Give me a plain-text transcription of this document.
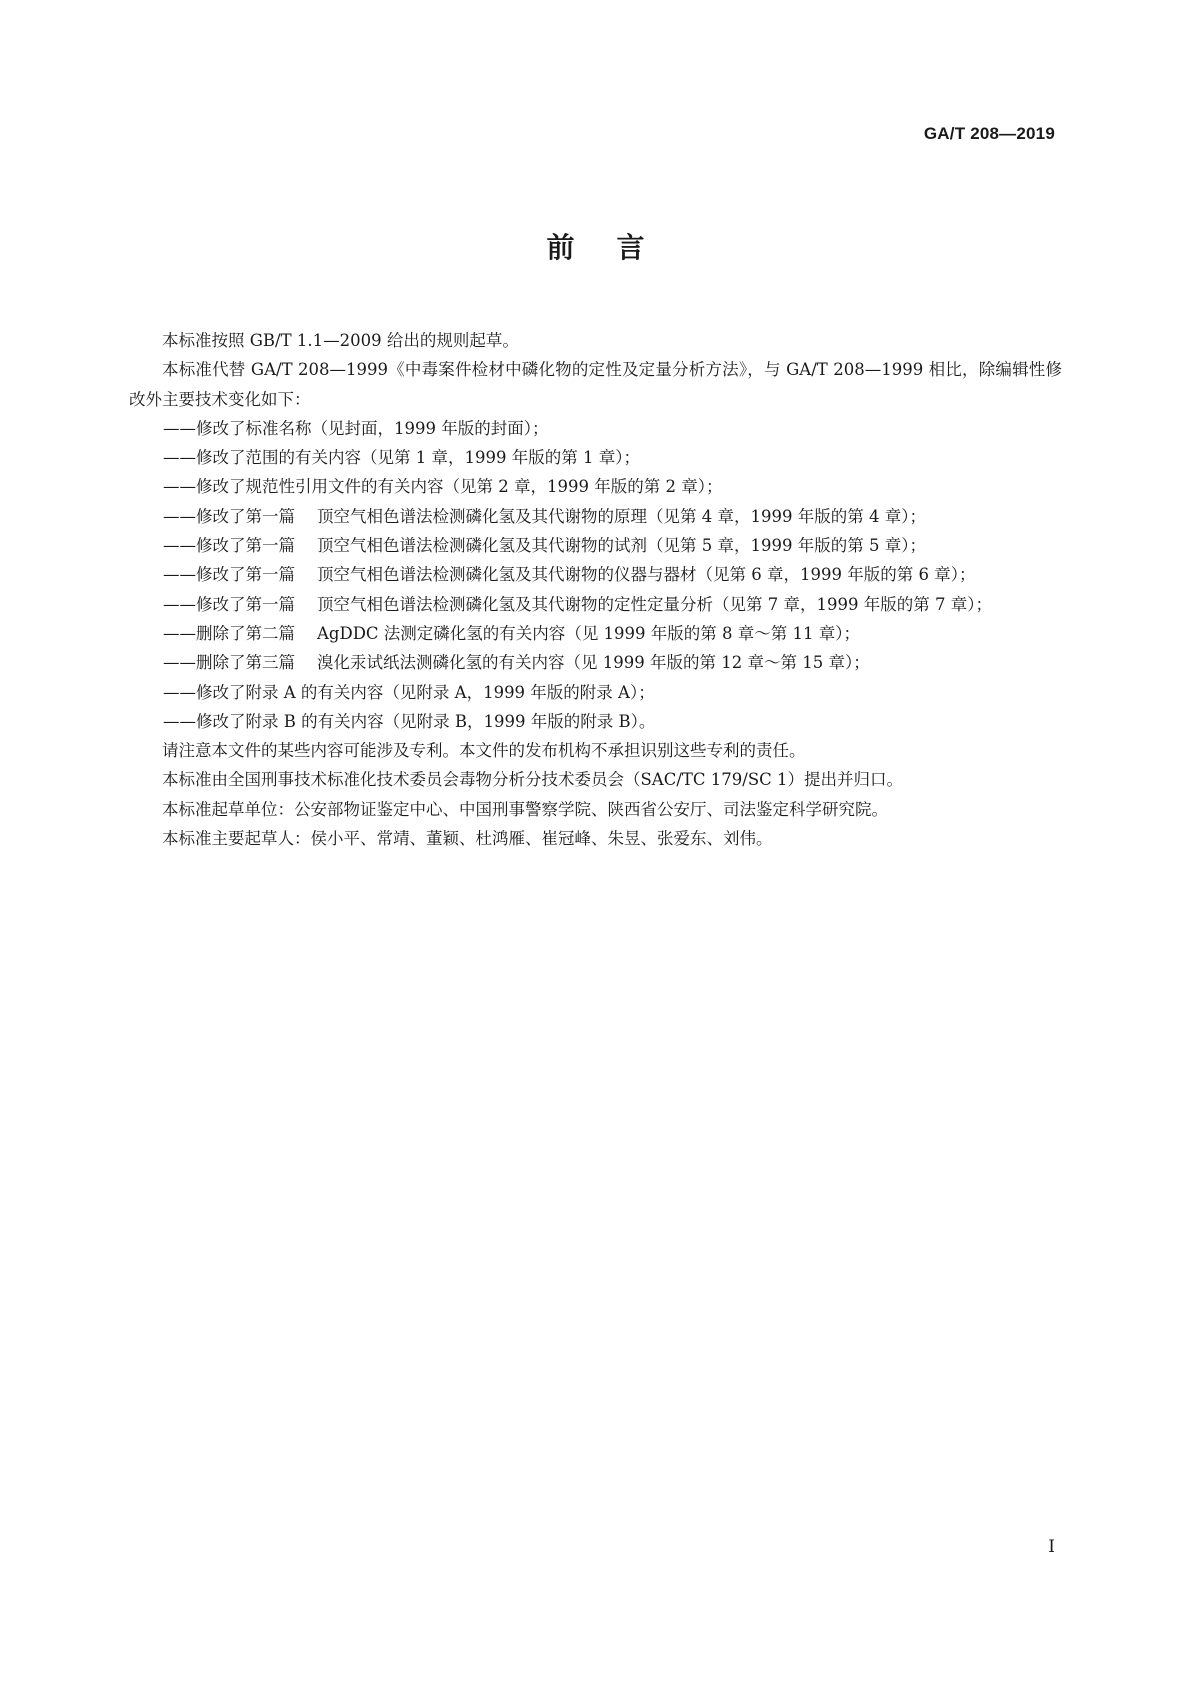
GA/T 208—2019
前言

本标准按照 GB/T 1.1—2009 给出的规则起草。

本标准代替 GA/T 208—1999《中毒案件检材中磷化物的定性及定量分析方法》，与 GA/T 208—1999 相比，除编辑性修改外主要技术变化如下：

——修改了标准名称（见封面，1999 年版的封面）；

——修改了范围的有关内容（见第 1 章，1999 年版的第 1 章）；

——修改了规范性引用文件的有关内容（见第 2 章，1999 年版的第 2 章）；

——修改了第一篇 顶空气相色谱法检测磷化氢及其代谢物的原理（见第 4 章，1999 年版的第 4 章）；

——修改了第一篇 顶空气相色谱法检测磷化氢及其代谢物的试剂（见第 5 章，1999 年版的第 5 章）；

——修改了第一篇 顶空气相色谱法检测磷化氢及其代谢物的仪器与器材（见第 6 章，1999 年版的第 6 章）；

——修改了第一篇 顶空气相色谱法检测磷化氢及其代谢物的定性定量分析（见第 7 章，1999 年版的第 7 章）；

——删除了第二篇 AgDDC 法测定磷化氢的有关内容（见 1999 年版的第 8 章～第 11 章）；

——删除了第三篇 溴化汞试纸法测磷化氢的有关内容（见 1999 年版的第 12 章～第 15 章）；

——修改了附录 A 的有关内容（见附录 A，1999 年版的附录 A）；

——修改了附录 B 的有关内容（见附录 B，1999 年版的附录 B）。

请注意本文件的某些内容可能涉及专利。本文件的发布机构不承担识别这些专利的责任。

本标准由全国刑事技术标准化技术委员会毒物分析分技术委员会（SAC/TC 179/SC 1）提出并归口。

本标准起草单位：公安部物证鉴定中心、中国刑事警察学院、陕西省公安厅、司法鉴定科学研究院。

本标准主要起草人：侯小平、常靖、董颖、杜鸿雁、崔冠峰、朱昱、张爱东、刘伟。

I
